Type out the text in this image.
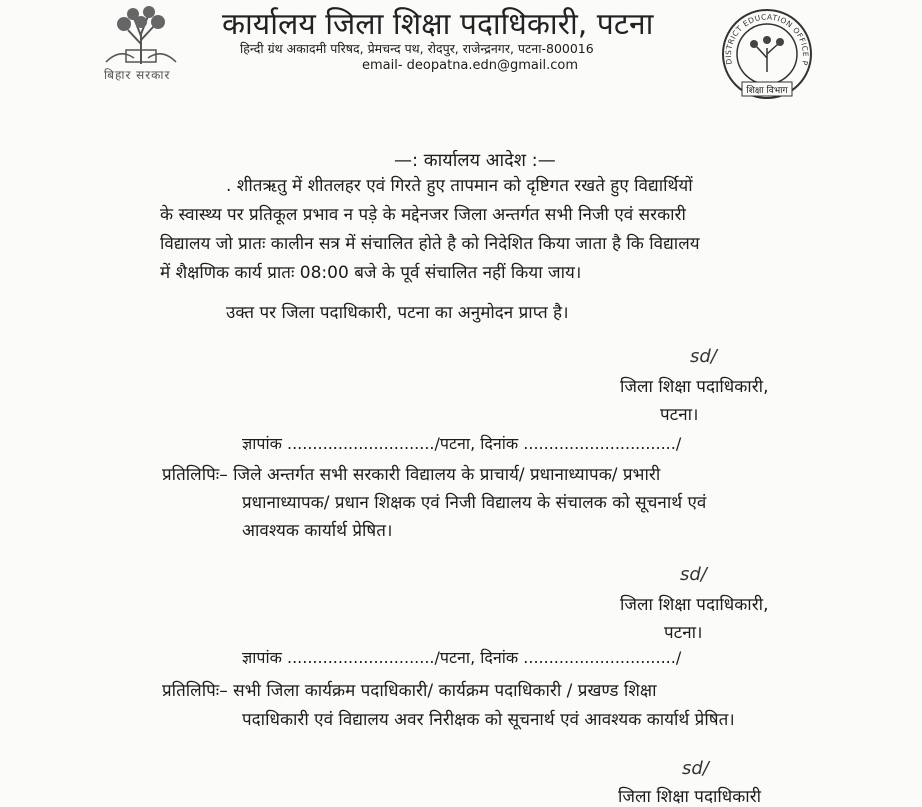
बिहार सरकार
कार्यालय जिला शिक्षा पदाधिकारी, पटना
हिन्दी ग्रंथ अकादमी परिषद, प्रेमचन्द पथ, रोदपुर, राजेन्द्रनगर, पटना-800016
email- deopatna.edn@gmail.com	DISTRICT EDUCATION OFFICE P
शिक्षा विभाग
—: कार्यालय आदेश :—
. शीतऋतु में शीतलहर एवं गिरते हुए तापमान को दृष्टिगत रखते हुए विद्यार्थियों
के स्वास्थ्य पर प्रतिकूल प्रभाव न पड़े के मद्देनजर जिला अन्तर्गत सभी निजी एवं सरकारी
विद्यालय जो प्रातः कालीन सत्र में संचालित होते है को निदेशित किया जाता है कि विद्यालय
में शैक्षणिक कार्य प्रातः 08:00 बजे के पूर्व संचालित नहीं किया जाय।
उक्त पर जिला पदाधिकारी, पटना का अनुमोदन प्राप्त है।
sd/
जिला शिक्षा पदाधिकारी,
पटना।
ज्ञापांक ............................./पटना, दिनांक ............................../
प्रतिलिपिः– जिले अन्तर्गत सभी सरकारी विद्यालय के प्राचार्य/ प्रधानाध्यापक/ प्रभारी
प्रधानाध्यापक/ प्रधान शिक्षक एवं निजी विद्यालय के संचालक को सूचनार्थ एवं
आवश्यक कार्यार्थ प्रेषित।
sd/
जिला शिक्षा पदाधिकारी,
पटना।
ज्ञापांक ............................./पटना, दिनांक ............................../
प्रतिलिपिः– सभी जिला कार्यक्रम पदाधिकारी/ कार्यक्रम पदाधिकारी / प्रखण्ड शिक्षा
पदाधिकारी एवं विद्यालय अवर निरीक्षक को सूचनार्थ एवं आवश्यक कार्यार्थ प्रेषित।
sd/
जिला शिक्षा पदाधिकारी
